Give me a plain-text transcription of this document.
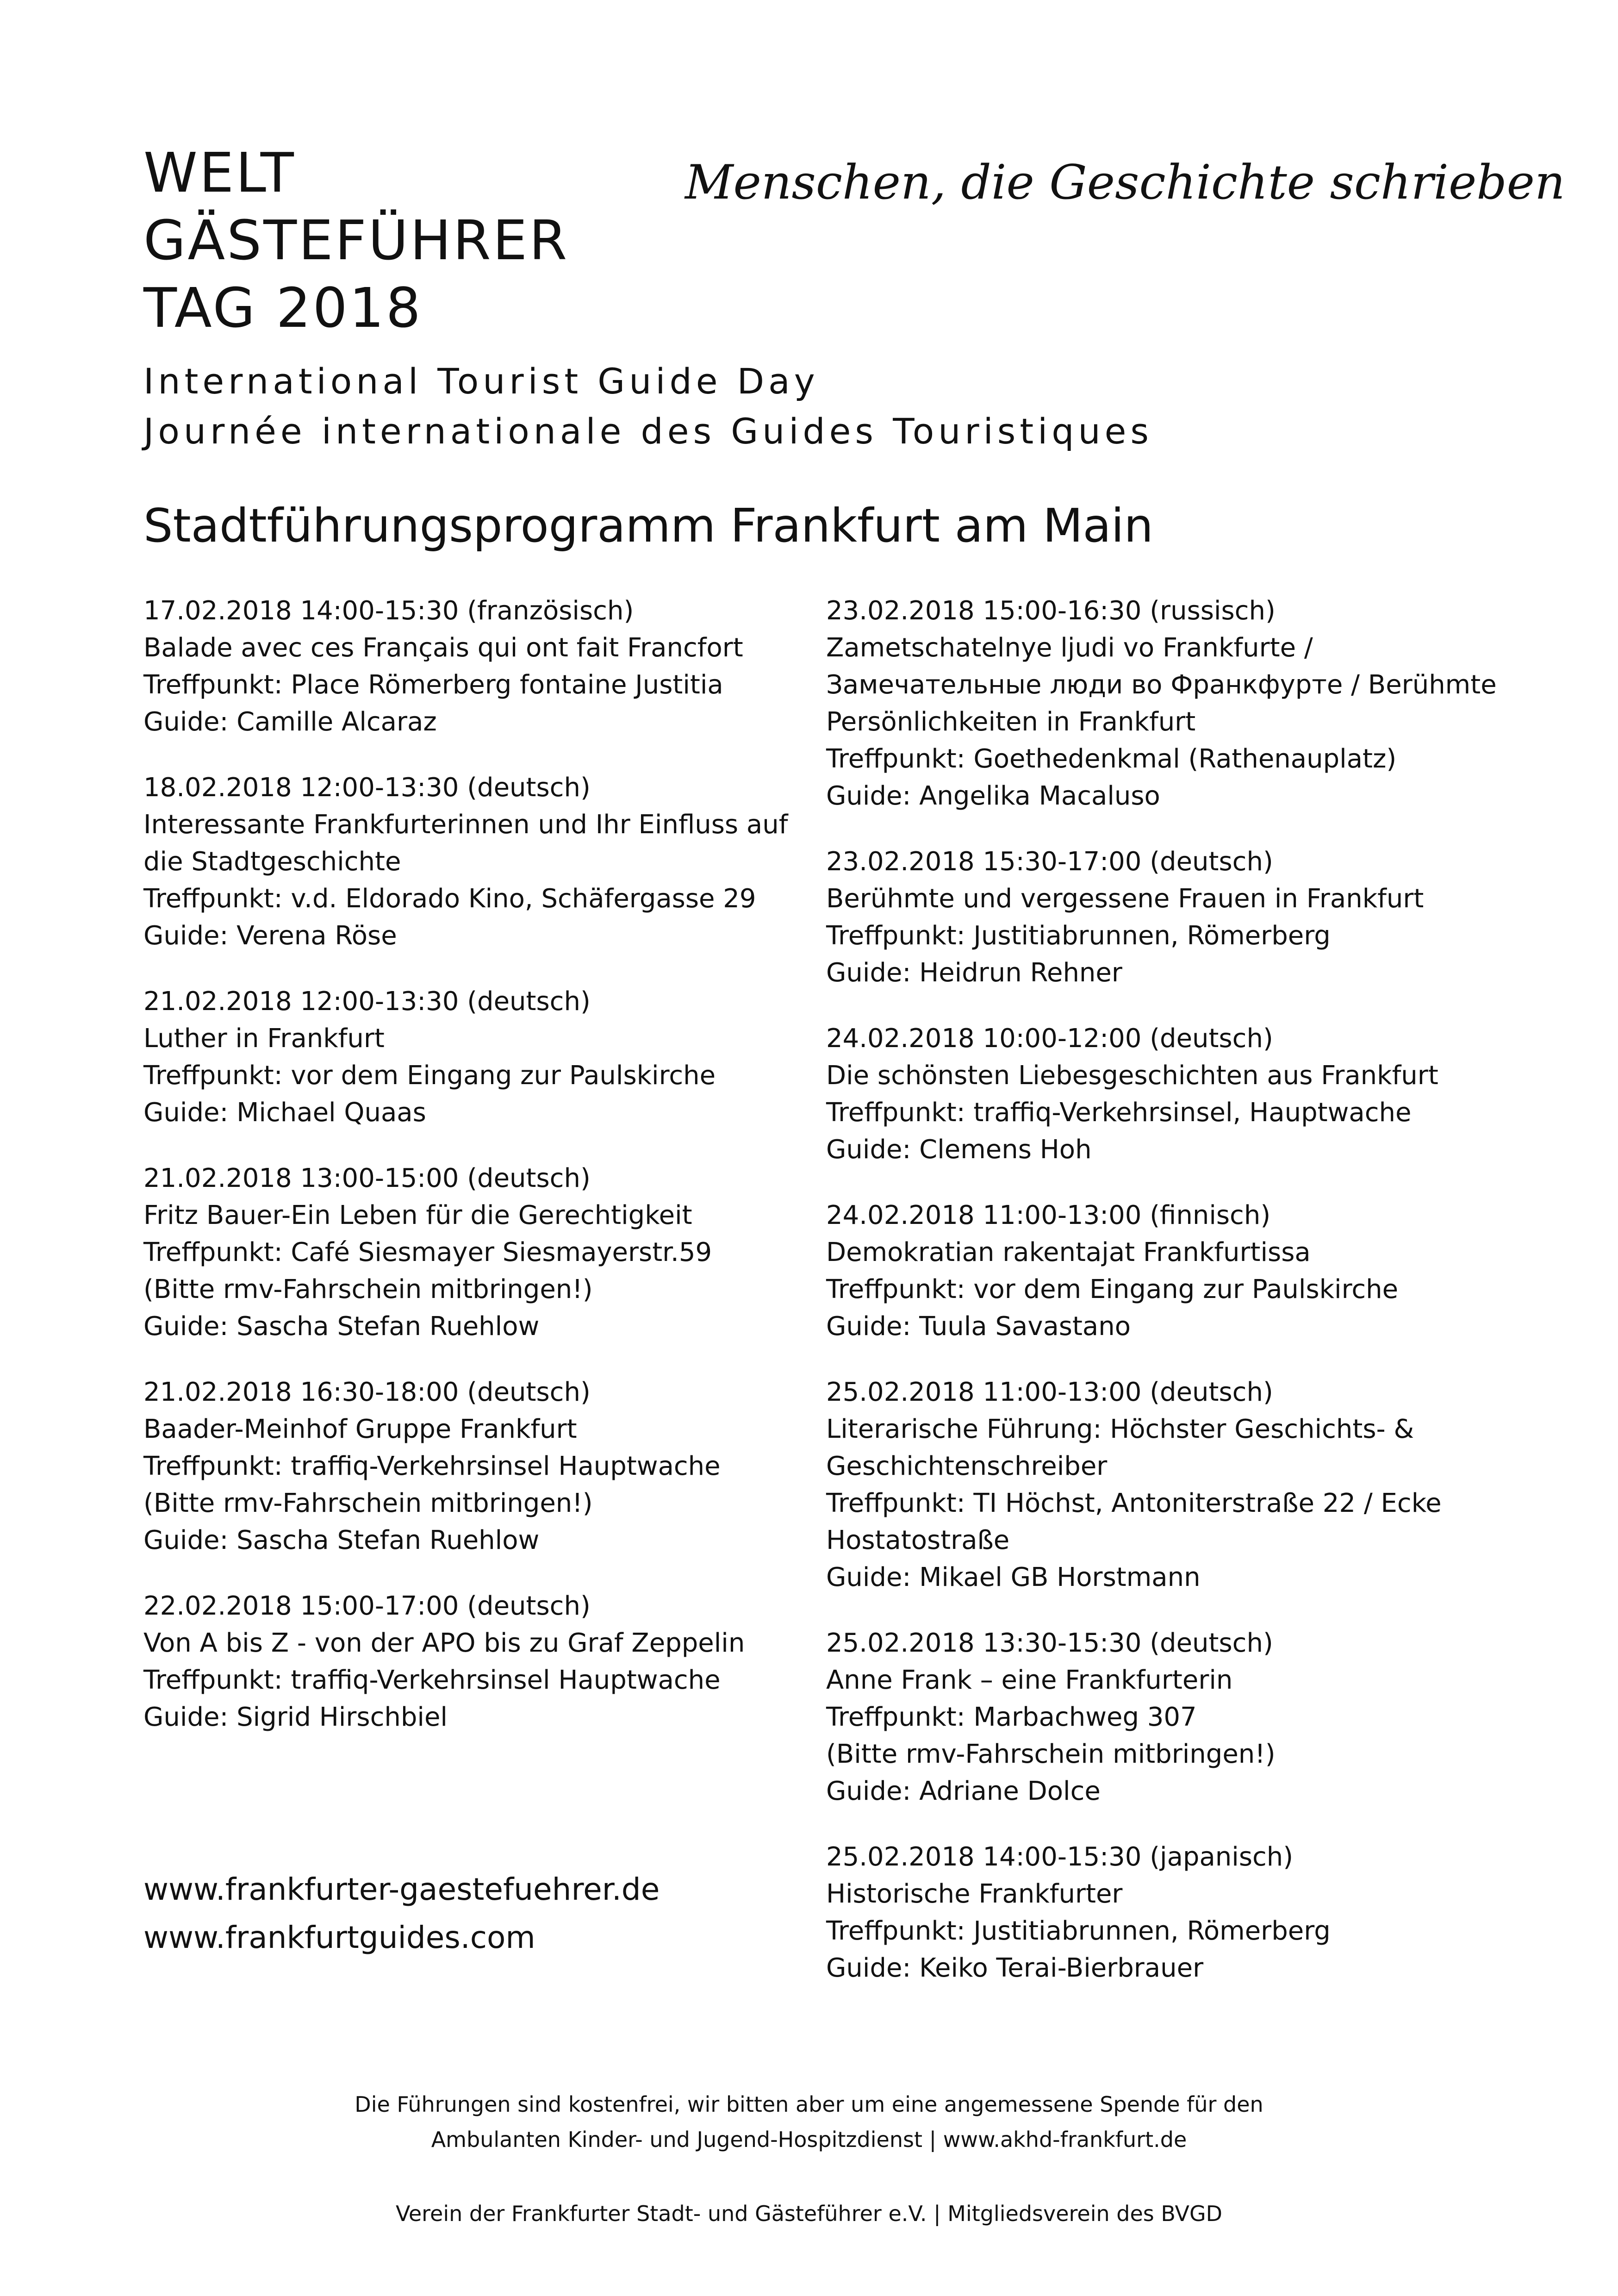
WELT
GÄSTEFÜHRER
TAG 2018
Menschen, die Geschichte schrieben
International Tourist Guide Day
Journée internationale des Guides Touristiques
Stadtführungsprogramm Frankfurt am Main
17.02.2018 14:00-15:30 (französisch)
Balade avec ces Français qui ont fait Francfort
Treffpunkt: Place Römerberg fontaine Justitia
Guide: Camille Alcaraz
18.02.2018 12:00-13:30 (deutsch)
Interessante Frankfurterinnen und Ihr Einfluss auf
die Stadtgeschichte
Treffpunkt: v.d. Eldorado Kino, Schäfergasse 29
Guide: Verena Röse
21.02.2018 12:00-13:30 (deutsch)
Luther in Frankfurt
Treffpunkt: vor dem Eingang zur Paulskirche
Guide: Michael Quaas
21.02.2018 13:00-15:00 (deutsch)
Fritz Bauer-Ein Leben für die Gerechtigkeit
Treffpunkt: Café Siesmayer Siesmayerstr.59
(Bitte rmv-Fahrschein mitbringen!)
Guide: Sascha Stefan Ruehlow
21.02.2018 16:30-18:00 (deutsch)
Baader-Meinhof Gruppe Frankfurt
Treffpunkt: traffiq-Verkehrsinsel Hauptwache
(Bitte rmv-Fahrschein mitbringen!)
Guide: Sascha Stefan Ruehlow
22.02.2018 15:00-17:00 (deutsch)
Von A bis Z - von der APO bis zu Graf Zeppelin
Treffpunkt: traffiq-Verkehrsinsel Hauptwache
Guide: Sigrid Hirschbiel
23.02.2018 15:00-16:30 (russisch)
Zametschatelnye ljudi vo Frankfurte /
Замечательные люди во Франкфурте / Berühmte
Persönlichkeiten in Frankfurt
Treffpunkt: Goethedenkmal (Rathenauplatz)
Guide: Angelika Macaluso
23.02.2018 15:30-17:00 (deutsch)
Berühmte und vergessene Frauen in Frankfurt
Treffpunkt: Justitiabrunnen, Römerberg
Guide: Heidrun Rehner
24.02.2018 10:00-12:00 (deutsch)
Die schönsten Liebesgeschichten aus Frankfurt
Treffpunkt: traffiq-Verkehrsinsel, Hauptwache
Guide: Clemens Hoh
24.02.2018 11:00-13:00 (finnisch)
Demokratian rakentajat Frankfurtissa
Treffpunkt: vor dem Eingang zur Paulskirche
Guide: Tuula Savastano
25.02.2018 11:00-13:00 (deutsch)
Literarische Führung: Höchster Geschichts- &
Geschichtenschreiber
Treffpunkt: TI Höchst, Antoniterstraße 22 / Ecke
Hostatostraße
Guide: Mikael GB Horstmann
25.02.2018 13:30-15:30 (deutsch)
Anne Frank – eine Frankfurterin
Treffpunkt: Marbachweg 307
(Bitte rmv-Fahrschein mitbringen!)
Guide: Adriane Dolce
25.02.2018 14:00-15:30 (japanisch)
Historische Frankfurter
Treffpunkt: Justitiabrunnen, Römerberg
Guide: Keiko Terai-Bierbrauer
www.frankfurter-gaestefuehrer.de
www.frankfurtguides.com
Die Führungen sind kostenfrei, wir bitten aber um eine angemessene Spende für den
Ambulanten Kinder- und Jugend-Hospitzdienst | www.akhd-frankfurt.de
Verein der Frankfurter Stadt- und Gästeführer e.V. | Mitgliedsverein des BVGD
